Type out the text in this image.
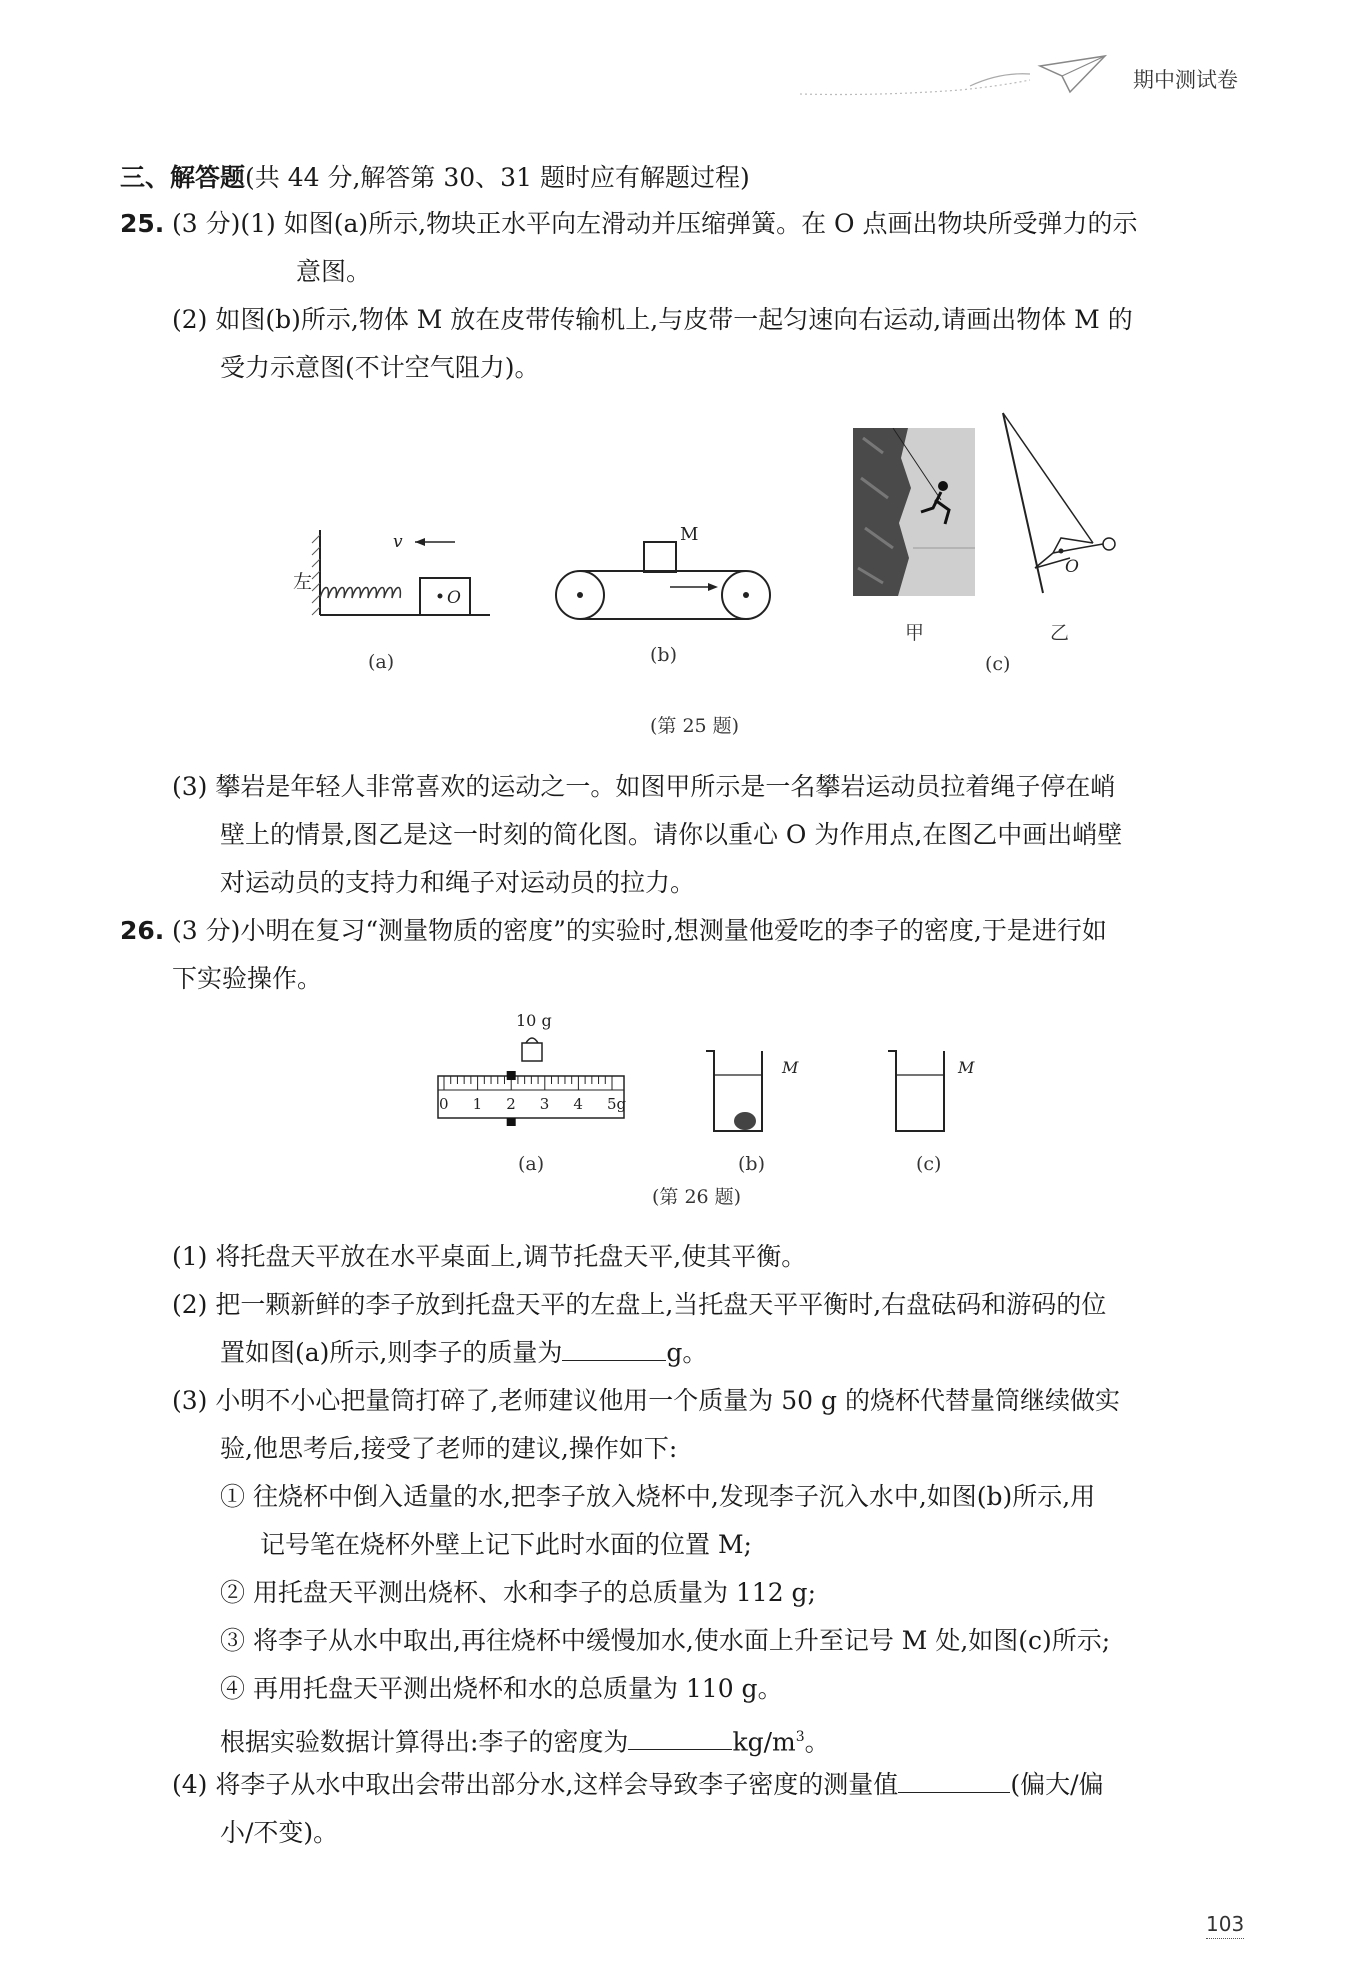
期中测试卷
三、解答题(共 44 分,解答第 30、31 题时应有解题过程)
25. (3 分)(1) 如图(a)所示,物块正水平向左滑动并压缩弹簧。在 O 点画出物块所受弹力的示
意图。
(2) 如图(b)所示,物体 M 放在皮带传输机上,与皮带一起匀速向右运动,请画出物体 M 的
受力示意图(不计空气阻力)。
左
v
O
(a)
M
(b)
O
甲	乙
(c)
(第 25 题)
(3) 攀岩是年轻人非常喜欢的运动之一。如图甲所示是一名攀岩运动员拉着绳子停在峭
壁上的情景,图乙是这一时刻的简化图。请你以重心 O 为作用点,在图乙中画出峭壁
对运动员的支持力和绳子对运动员的拉力。
26. (3 分)小明在复习“测量物质的密度”的实验时,想测量他爱吃的李子的密度,于是进行如
下实验操作。
10 g
0 1 2 3 4 5g
(a)
M
(b)
M
(c)
(第 26 题)
(1) 将托盘天平放在水平桌面上,调节托盘天平,使其平衡。
(2) 把一颗新鲜的李子放到托盘天平的左盘上,当托盘天平平衡时,右盘砝码和游码的位
置如图(a)所示,则李子的质量为	g。
(3) 小明不小心把量筒打碎了,老师建议他用一个质量为 50 g 的烧杯代替量筒继续做实
验,他思考后,接受了老师的建议,操作如下:
① 往烧杯中倒入适量的水,把李子放入烧杯中,发现李子沉入水中,如图(b)所示,用
记号笔在烧杯外壁上记下此时水面的位置 M;
② 用托盘天平测出烧杯、水和李子的总质量为 112 g;
③ 将李子从水中取出,再往烧杯中缓慢加水,使水面上升至记号 M 处,如图(c)所示;
④ 再用托盘天平测出烧杯和水的总质量为 110 g。
根据实验数据计算得出:李子的密度为	$kg/m^3$。
(4) 将李子从水中取出会带出部分水,这样会导致李子密度的测量值	(偏大/偏
小/不变)。
103
